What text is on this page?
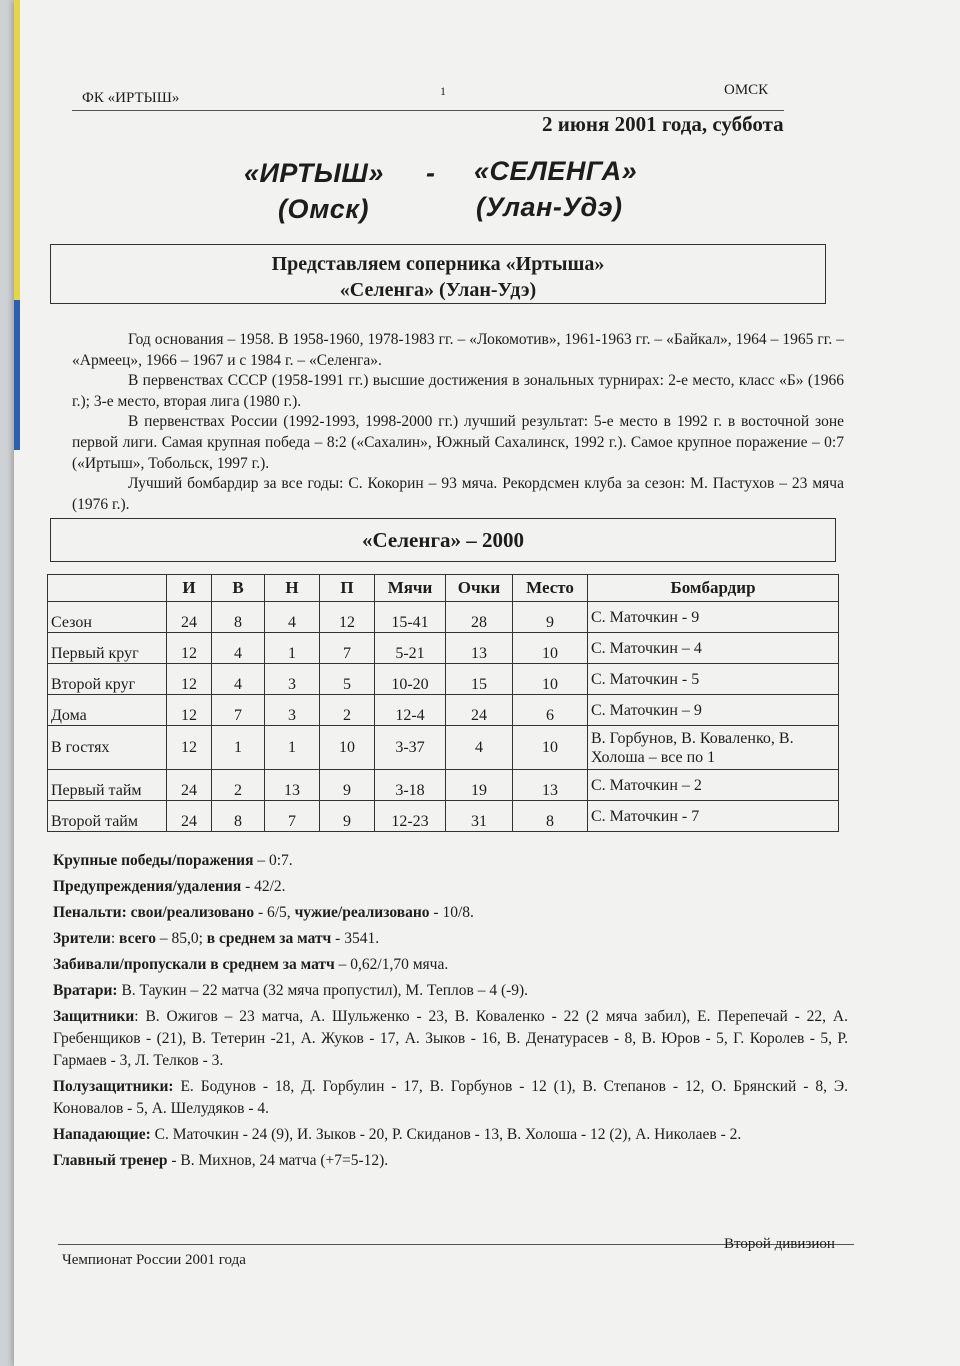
ФК «ИРТЫШ»	1	ОМСК
2 июня 2001 года, суббота
«ИРТЫШ» - «СЕЛЕНГА»
(Омск)	(Улан-Удэ)
Представляем соперника «Иртыша»
«Селенга» (Улан-Удэ)

Год основания – 1958. В 1958-1960, 1978-1983 гг. – «Локомотив», 1961-1963 гг. – «Байкал», 1964 – 1965 гг. – «Армеец», 1966 – 1967 и с 1984 г. – «Селенга».

В первенствах СССР (1958-1991 гг.) высшие достижения в зональных турнирах: 2-е место, класс «Б» (1966 г.); 3-е место, вторая лига (1980 г.).

В первенствах России (1992-1993, 1998-2000 гг.) лучший результат: 5-е место в 1992 г. в восточной зоне первой лиги. Самая крупная победа – 8:2 («Сахалин», Южный Сахалинск, 1992 г.). Самое крупное поражение – 0:7 («Иртыш», Тобольск, 1997 г.).

Лучший бомбардир за все годы: С. Кокорин – 93 мяча. Рекордсмен клуба за сезон: М. Пастухов – 23 мяча (1976 г.).

«Селенга» – 2000
	И	В	Н	П	Мячи	Очки	Место	Бомбардир
Сезон	24	8	4	12	15-41	28	9	С. Маточкин - 9
Первый круг	12	4	1	7	5-21	13	10	С. Маточкин – 4
Второй круг	12	4	3	5	10-20	15	10	С. Маточкин - 5
Дома	12	7	3	2	12-4	24	6	С. Маточкин – 9
В гостях	12	1	1	10	3-37	4	10	В. Горбунов, В. Коваленко, В. Холоша – все по 1
Первый тайм	24	2	13	9	3-18	19	13	С. Маточкин – 2
Второй тайм	24	8	7	9	12-23	31	8	С. Маточкин - 7
Крупные победы/поражения – 0:7.
Предупреждения/удаления - 42/2.
Пенальти: свои/реализовано - 6/5, чужие/реализовано - 10/8.
Зрители: всего – 85,0; в среднем за матч - 3541.
Забивали/пропускали в среднем за матч – 0,62/1,70 мяча.
Вратари: В. Таукин – 22 матча (32 мяча пропустил), М. Теплов – 4 (-9).
Защитники: В. Ожигов – 23 матча, А. Шульженко - 23, В. Коваленко - 22 (2 мяча забил), Е. Перепечай - 22, А. Гребенщиков - (21), В. Тетерин -21, А. Жуков - 17, А. Зыков - 16, В. Денатурасев - 8, В. Юров - 5, Г. Королев - 5, Р. Гармаев - 3, Л. Телков - 3.
Полузащитники: Е. Бодунов - 18, Д. Горбулин - 17, В. Горбунов - 12 (1), В. Степанов - 12, О. Брянский - 8, Э. Коновалов - 5, А. Шелудяков - 4.
Нападающие: С. Маточкин - 24 (9), И. Зыков - 20, Р. Скиданов - 13, В. Холоша - 12 (2), А. Николаев - 2.
Главный тренер - В. Михнов, 24 матча (+7=5-12).
Чемпионат России 2001 года
Второй дивизион
